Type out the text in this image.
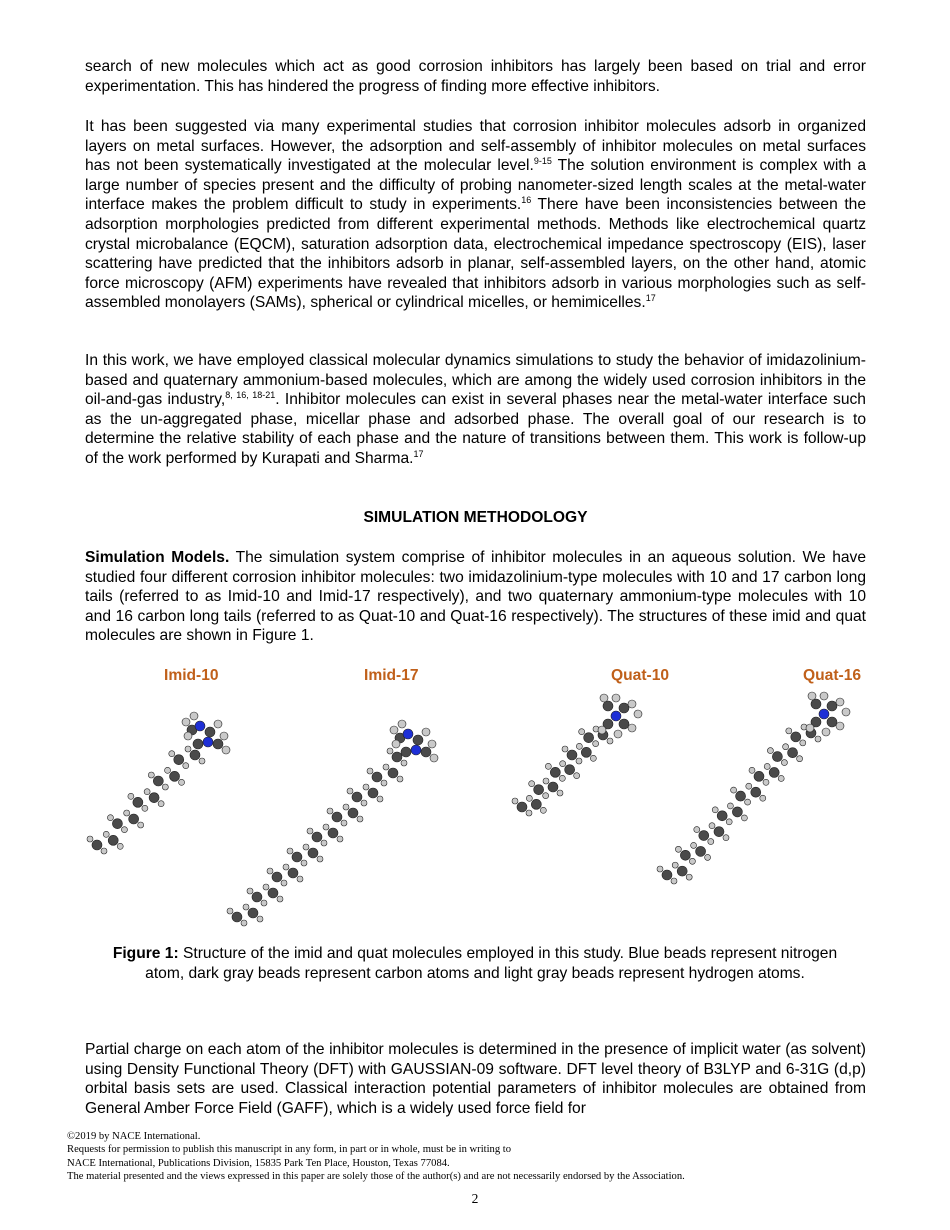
search of new molecules which act as good corrosion inhibitors has largely been based on trial and error experimentation. This has hindered the progress of finding more effective inhibitors.

It has been suggested via many experimental studies that corrosion inhibitor molecules adsorb in organized layers on metal surfaces. However, the adsorption and self-assembly of inhibitor molecules on metal surfaces has not been systematically investigated at the molecular level.$^{9-15}$ The solution environment is complex with a large number of species present and the difficulty of probing nanometer-sized length scales at the metal-water interface makes the problem difficult to study in experiments.$^{16}$ There have been inconsistencies between the adsorption morphologies predicted from different experimental methods. Methods like electrochemical quartz crystal microbalance (EQCM), saturation adsorption data, electrochemical impedance spectroscopy (EIS), laser scattering have predicted that the inhibitors adsorb in planar, self-assembled layers, on the other hand, atomic force microscopy (AFM) experiments have revealed that inhibitors adsorb in various morphologies such as self-assembled monolayers (SAMs), spherical or cylindrical micelles, or hemimicelles.$^{17}$

In this work, we have employed classical molecular dynamics simulations to study the behavior of imidazolinium-based and quaternary ammonium-based molecules, which are among the widely used corrosion inhibitors in the oil-and-gas industry,$^{8, 16, 18-21}$. Inhibitor molecules can exist in several phases near the metal-water interface such as the un-aggregated phase, micellar phase and adsorbed phase. The overall goal of our research is to determine the relative stability of each phase and the nature of transitions between them. This work is follow-up of the work performed by Kurapati and Sharma.$^{17}$

SIMULATION METHODOLOGY

Simulation Models. The simulation system comprise of inhibitor molecules in an aqueous solution. We have studied four different corrosion inhibitor molecules: two imidazolinium-type molecules with 10 and 17 carbon long tails (referred to as Imid-10 and Imid-17 respectively), and two quaternary ammonium-type molecules with 10 and 16 carbon long tails (referred to as Quat-10 and Quat-16 respectively). The structures of these imid and quat molecules are shown in Figure 1.

Imid-10	Imid-17	Quat-10	Quat-16

Figure 1: Structure of the imid and quat molecules employed in this study. Blue beads represent nitrogen atom, dark gray beads represent carbon atoms and light gray beads represent hydrogen atoms.

Partial charge on each atom of the inhibitor molecules is determined in the presence of implicit water (as solvent) using Density Functional Theory (DFT) with GAUSSIAN-09 software. DFT level theory of B3LYP and 6-31G (d,p) orbital basis sets are used. Classical interaction potential parameters of inhibitor molecules are obtained from General Amber Force Field (GAFF), which is a widely used force field for

©2019 by NACE International.
Requests for permission to publish this manuscript in any form, in part or in whole, must be in writing to
NACE International, Publications Division, 15835 Park Ten Place, Houston, Texas 77084.
The material presented and the views expressed in this paper are solely those of the author(s) and are not necessarily endorsed by the Association.
2
